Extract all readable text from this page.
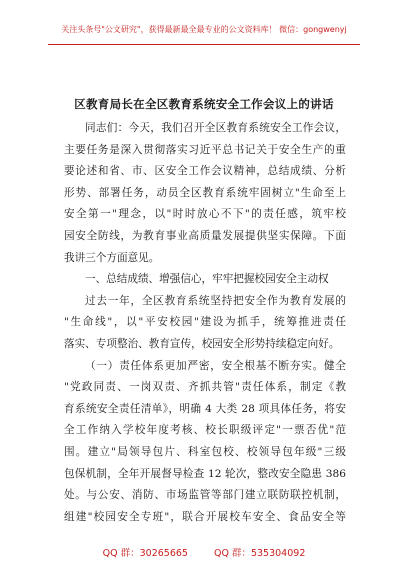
关注头条号"公文研究"，获得最新最全最专业的公文资料库！ 微信：gongwenyj
区教育局长在全区教育系统安全工作会议上的讲话
同志们：今天，我们召开全区教育系统安全工作会议，
主要任务是深入贯彻落实习近平总书记关于安全生产的重
要论述和省、市、区安全工作会议精神，总结成绩、分析
形势、部署任务，动员全区教育系统牢固树立"生命至上
安全第一"理念，以"时时放心不下"的责任感，筑牢校
园安全防线，为教育事业高质量发展提供坚实保障。下面
我讲三个方面意见。
一、总结成绩、增强信心，牢牢把握校园安全主动权
过去一年，全区教育系统坚持把安全作为教育发展的
"生命线"，以"平安校园"建设为抓手，统筹推进责任
落实、专项整治、教育宣传，校园安全形势持续稳定向好。
（一）责任体系更加严密，安全根基不断夯实。健全
"党政同责、一岗双责、齐抓共管"责任体系，制定《教
育系统安全责任清单》，明确 4 大类 28 项具体任务，将安
全工作纳入学校年度考核、校长职级评定"一票否优"范
围。建立"局领导包片、科室包校、校领导包年级"三级
包保机制，全年开展督导检查 12 轮次，整改安全隐患 386
处。与公安、消防、市场监管等部门建立联防联控机制，
组建"校园安全专班"，联合开展校车安全、食品安全等
QQ 群：30265665	QQ 群：535304092
